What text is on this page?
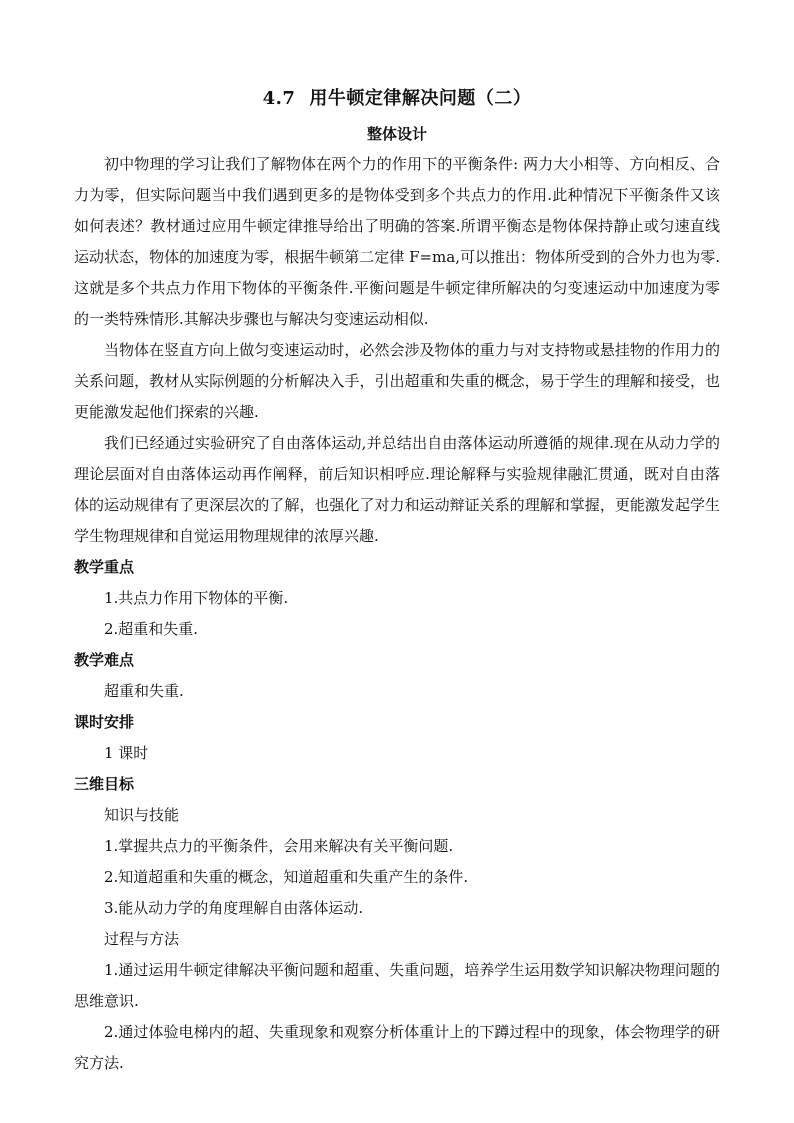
4.7 用牛顿定律解决问题（二）
整体设计

初中物理的学习让我们了解物体在两个力的作用下的平衡条件: 两力大小相等、方向相反、合力为零，但实际问题当中我们遇到更多的是物体受到多个共点力的作用.此种情况下平衡条件又该如何表述？教材通过应用牛顿定律推导给出了明确的答案.所谓平衡态是物体保持静止或匀速直线运动状态，物体的加速度为零，根据牛顿第二定律 F=ma,可以推出：物体所受到的合外力也为零.这就是多个共点力作用下物体的平衡条件.平衡问题是牛顿定律所解决的匀变速运动中加速度为零的一类特殊情形.其解决步骤也与解决匀变速运动相似.

当物体在竖直方向上做匀变速运动时，必然会涉及物体的重力与对支持物或悬挂物的作用力的关系问题，教材从实际例题的分析解决入手，引出超重和失重的概念，易于学生的理解和接受，也更能激发起他们探索的兴趣.

我们已经通过实验研究了自由落体运动,并总结出自由落体运动所遵循的规律.现在从动力学的理论层面对自由落体运动再作阐释，前后知识相呼应.理论解释与实验规律融汇贯通，既对自由落体的运动规律有了更深层次的了解，也强化了对力和运动辩证关系的理解和掌握，更能激发起学生学生物理规律和自觉运用物理规律的浓厚兴趣.

教学重点

1.共点力作用下物体的平衡.

2.超重和失重.

教学难点

超重和失重.

课时安排

1 课时

三维目标

知识与技能

1.掌握共点力的平衡条件，会用来解决有关平衡问题.

2.知道超重和失重的概念，知道超重和失重产生的条件.

3.能从动力学的角度理解自由落体运动.

过程与方法

1.通过运用牛顿定律解决平衡问题和超重、失重问题，培养学生运用数学知识解决物理问题的思维意识.

2.通过体验电梯内的超、失重现象和观察分析体重计上的下蹲过程中的现象，体会物理学的研究方法.
